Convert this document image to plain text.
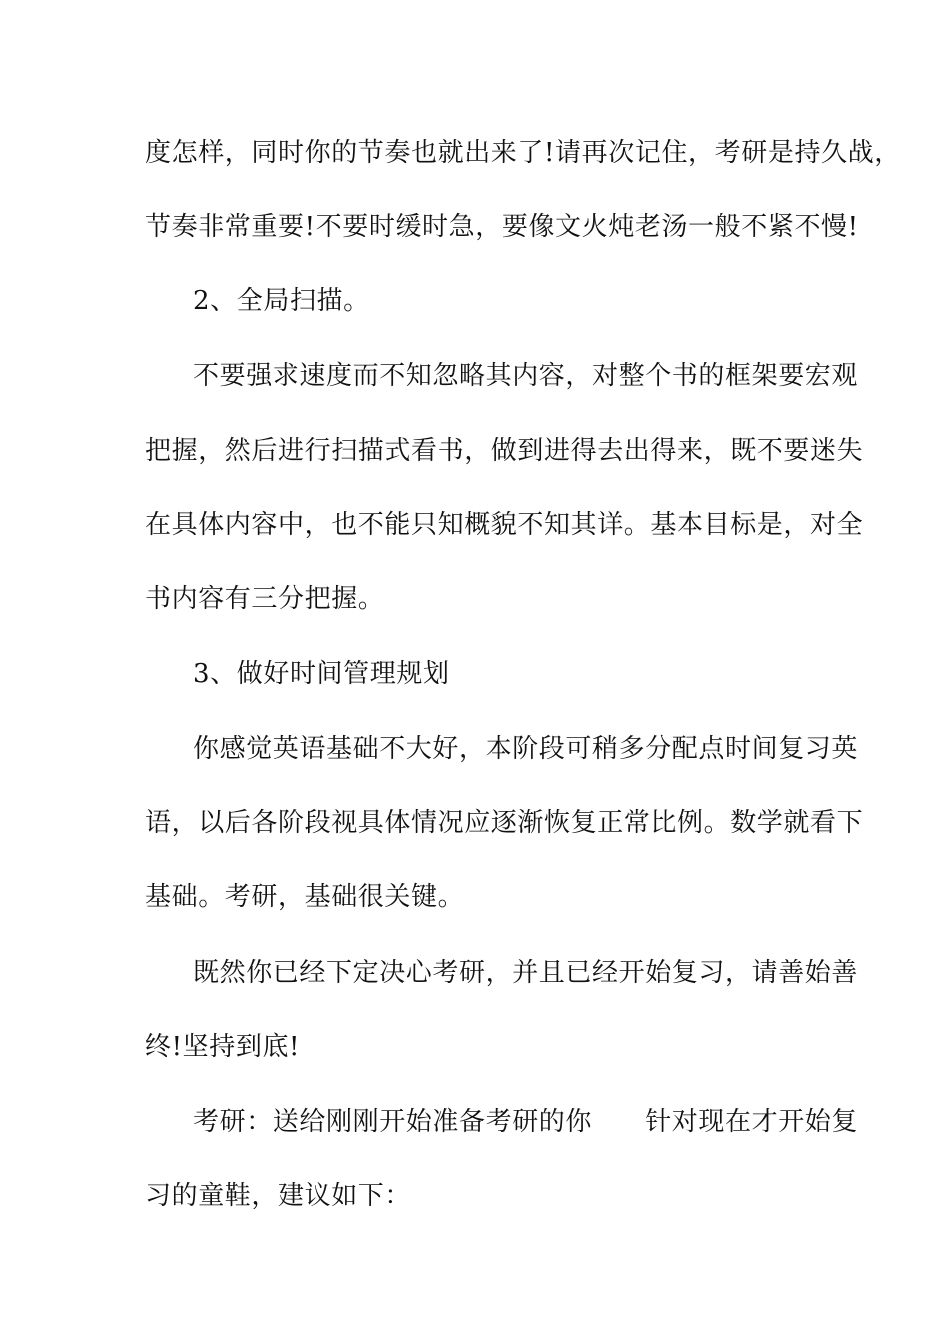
度怎样，同时你的节奏也就出来了!请再次记住，考研是持久战，
节奏非常重要!不要时缓时急，要像文火炖老汤一般不紧不慢!
2、全局扫描。
不要强求速度而不知忽略其内容，对整个书的框架要宏观
把握，然后进行扫描式看书，做到进得去出得来，既不要迷失
在具体内容中，也不能只知概貌不知其详。基本目标是，对全
书内容有三分把握。
3、做好时间管理规划
你感觉英语基础不大好，本阶段可稍多分配点时间复习英
语，以后各阶段视具体情况应逐渐恢复正常比例。数学就看下
基础。考研，基础很关键。
既然你已经下定决心考研，并且已经开始复习，请善始善
终!坚持到底!
考研：送给刚刚开始准备考研的你　　针对现在才开始复
习的童鞋，建议如下：
